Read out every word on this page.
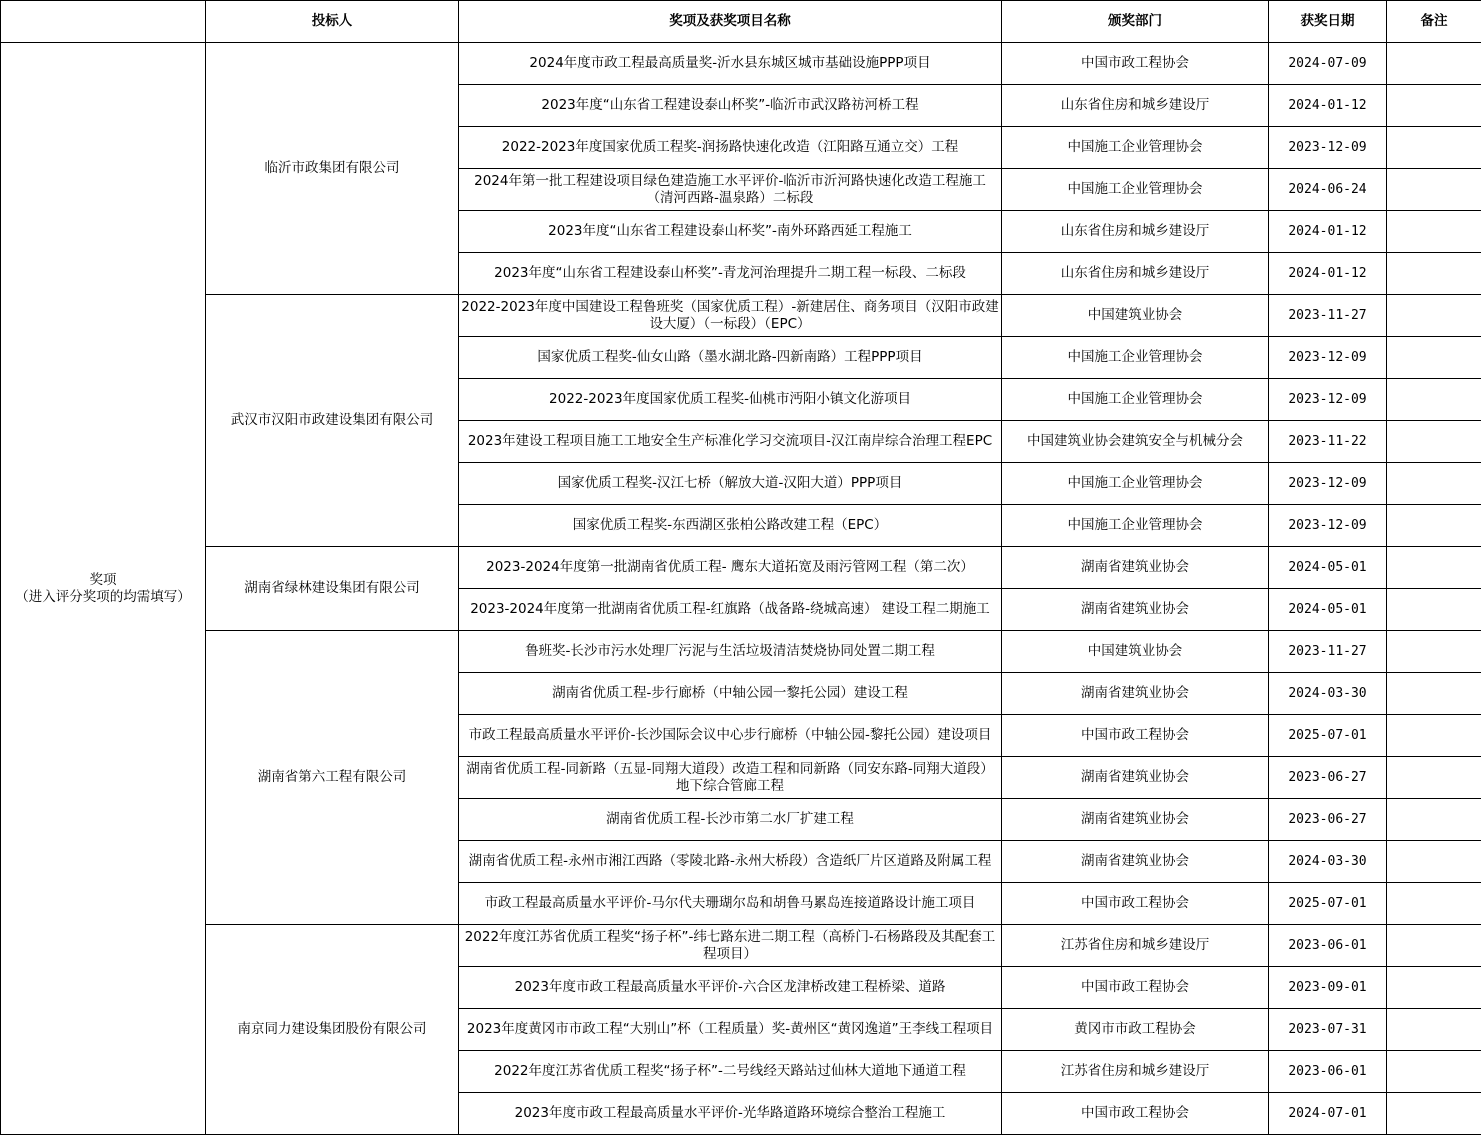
	投标人	奖项及获奖项目名称	颁奖部门	获奖日期	备注

奖项
（进入评分奖项的均需填写）	临沂市政集团有限公司	2024年度市政工程最高质量奖-沂水县东城区城市基础设施PPP项目	中国市政工程协会	2024-07-09	
		2023年度“山东省工程建设泰山杯奖”-临沂市武汉路祊河桥工程	山东省住房和城乡建设厅	2024-01-12	
		2022-2023年度国家优质工程奖-润扬路快速化改造（江阳路互通立交）工程	中国施工企业管理协会	2023-12-09	
		2024年第一批工程建设项目绿色建造施工水平评价-临沂市沂河路快速化改造工程施工（清河西路-温泉路）二标段	中国施工企业管理协会	2024-06-24	
		2023年度“山东省工程建设泰山杯奖”-南外环路西延工程施工	山东省住房和城乡建设厅	2024-01-12	
		2023年度“山东省工程建设泰山杯奖”-青龙河治理提升二期工程一标段、二标段	山东省住房和城乡建设厅	2024-01-12	
	武汉市汉阳市政建设集团有限公司	2022-2023年度中国建设工程鲁班奖（国家优质工程）-新建居住、商务项目（汉阳市政建设大厦）（一标段）（EPC）	中国建筑业协会	2023-11-27	
		国家优质工程奖-仙女山路（墨水湖北路-四新南路）工程PPP项目	中国施工企业管理协会	2023-12-09	
		2022-2023年度国家优质工程奖-仙桃市沔阳小镇文化游项目	中国施工企业管理协会	2023-12-09	
		2023年建设工程项目施工工地安全生产标准化学习交流项目-汉江南岸综合治理工程EPC	中国建筑业协会建筑安全与机械分会	2023-11-22	
		国家优质工程奖-汉江七桥（解放大道-汉阳大道）PPP项目	中国施工企业管理协会	2023-12-09	
		国家优质工程奖-东西湖区张柏公路改建工程（EPC）	中国施工企业管理协会	2023-12-09	
	湖南省绿林建设集团有限公司	2023-2024年度第一批湖南省优质工程- 鹰东大道拓宽及雨污管网工程（第二次）	湖南省建筑业协会	2024-05-01	
		2023-2024年度第一批湖南省优质工程-红旗路（战备路-绕城高速） 建设工程二期施工	湖南省建筑业协会	2024-05-01	
	湖南省第六工程有限公司	鲁班奖-长沙市污水处理厂污泥与生活垃圾清洁焚烧协同处置二期工程	中国建筑业协会	2023-11-27	
		湖南省优质工程-步行廊桥（中轴公园一黎托公园）建设工程	湖南省建筑业协会	2024-03-30	
		市政工程最高质量水平评价-长沙国际会议中心步行廊桥（中轴公园-黎托公园）建设项目	中国市政工程协会	2025-07-01	
		湖南省优质工程-同新路（五显-同翔大道段）改造工程和同新路（同安东路-同翔大道段）地下综合管廊工程	湖南省建筑业协会	2023-06-27	
		湖南省优质工程-长沙市第二水厂扩建工程	湖南省建筑业协会	2023-06-27	
		湖南省优质工程-永州市湘江西路（零陵北路-永州大桥段）含造纸厂片区道路及附属工程	湖南省建筑业协会	2024-03-30	
		市政工程最高质量水平评价-马尔代夫珊瑚尔岛和胡鲁马累岛连接道路设计施工项目	中国市政工程协会	2025-07-01	
	南京同力建设集团股份有限公司	2022年度江苏省优质工程奖“扬子杯”-纬七路东进二期工程（高桥门-石杨路段及其配套工程项目）	江苏省住房和城乡建设厅	2023-06-01	
		2023年度市政工程最高质量水平评价-六合区龙津桥改建工程桥梁、道路	中国市政工程协会	2023-09-01	
		2023年度黄冈市市政工程“大别山”杯（工程质量）奖-黄州区“黄冈逸道”王李线工程项目	黄冈市市政工程协会	2023-07-31	
		2022年度江苏省优质工程奖“扬子杯”-二号线经天路站过仙林大道地下通道工程	江苏省住房和城乡建设厅	2023-06-01	
		2023年度市政工程最高质量水平评价-光华路道路环境综合整治工程施工	中国市政工程协会	2024-07-01	
